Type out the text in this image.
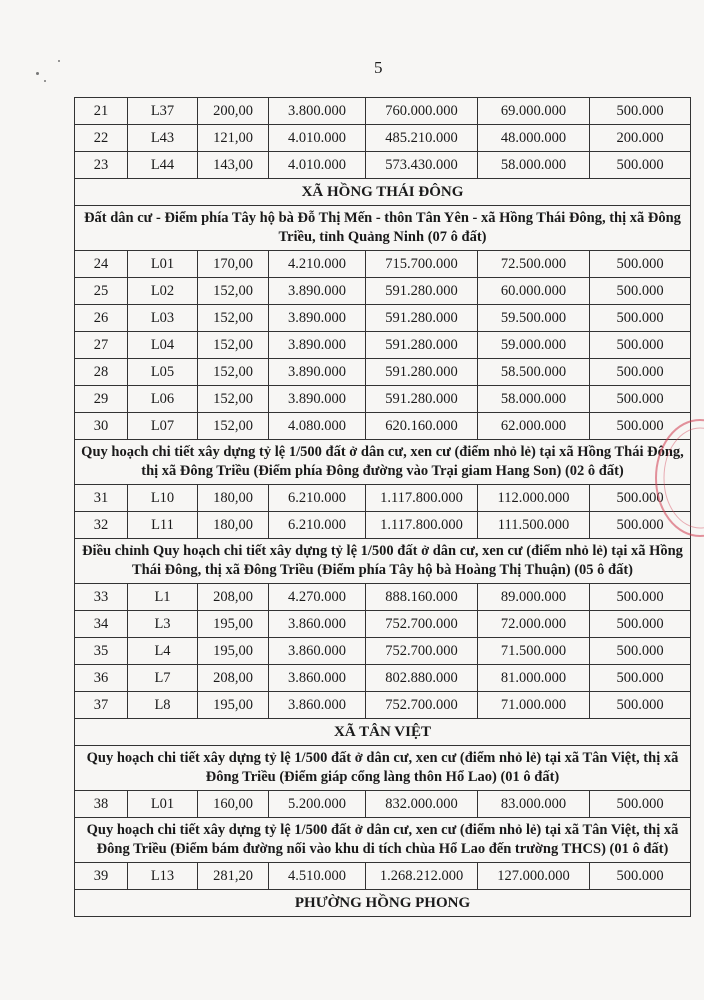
5
21	L37	200,00	3.800.000	760.000.000	69.000.000	500.000
22	L43	121,00	4.010.000	485.210.000	48.000.000	200.000
23	L44	143,00	4.010.000	573.430.000	58.000.000	500.000
XÃ HỒNG THÁI ĐÔNG						
Đất dân cư - Điểm phía Tây hộ bà Đỗ Thị Mến - thôn Tân Yên - xã Hồng Thái Đông, thị xã Đông Triều, tỉnh Quảng Ninh (07 ô đất)						
24	L01	170,00	4.210.000	715.700.000	72.500.000	500.000
25	L02	152,00	3.890.000	591.280.000	60.000.000	500.000
26	L03	152,00	3.890.000	591.280.000	59.500.000	500.000
27	L04	152,00	3.890.000	591.280.000	59.000.000	500.000
28	L05	152,00	3.890.000	591.280.000	58.500.000	500.000
29	L06	152,00	3.890.000	591.280.000	58.000.000	500.000
30	L07	152,00	4.080.000	620.160.000	62.000.000	500.000
Quy hoạch chi tiết xây dựng tỷ lệ 1/500 đất ở dân cư, xen cư (điểm nhỏ lẻ) tại xã Hồng Thái Đông, thị xã Đông Triều (Điểm phía Đông đường vào Trại giam Hang Son) (02 ô đất)						
31	L10	180,00	6.210.000	1.117.800.000	112.000.000	500.000
32	L11	180,00	6.210.000	1.117.800.000	111.500.000	500.000
Điều chỉnh Quy hoạch chi tiết xây dựng tỷ lệ 1/500 đất ở dân cư, xen cư (điểm nhỏ lẻ) tại xã Hồng Thái Đông, thị xã Đông Triều (Điểm phía Tây hộ bà Hoàng Thị Thuận) (05 ô đất)						
33	L1	208,00	4.270.000	888.160.000	89.000.000	500.000
34	L3	195,00	3.860.000	752.700.000	72.000.000	500.000
35	L4	195,00	3.860.000	752.700.000	71.500.000	500.000
36	L7	208,00	3.860.000	802.880.000	81.000.000	500.000
37	L8	195,00	3.860.000	752.700.000	71.000.000	500.000
XÃ TÂN VIỆT						
Quy hoạch chi tiết xây dựng tỷ lệ 1/500 đất ở dân cư, xen cư (điểm nhỏ lẻ) tại xã Tân Việt, thị xã Đông Triều (Điểm giáp cổng làng thôn Hổ Lao) (01 ô đất)						
38	L01	160,00	5.200.000	832.000.000	83.000.000	500.000
Quy hoạch chi tiết xây dựng tỷ lệ 1/500 đất ở dân cư, xen cư (điểm nhỏ lẻ) tại xã Tân Việt, thị xã Đông Triều (Điểm bám đường nối vào khu di tích chùa Hổ Lao đến trường THCS) (01 ô đất)						
39	L13	281,20	4.510.000	1.268.212.000	127.000.000	500.000
PHƯỜNG HỒNG PHONG						
